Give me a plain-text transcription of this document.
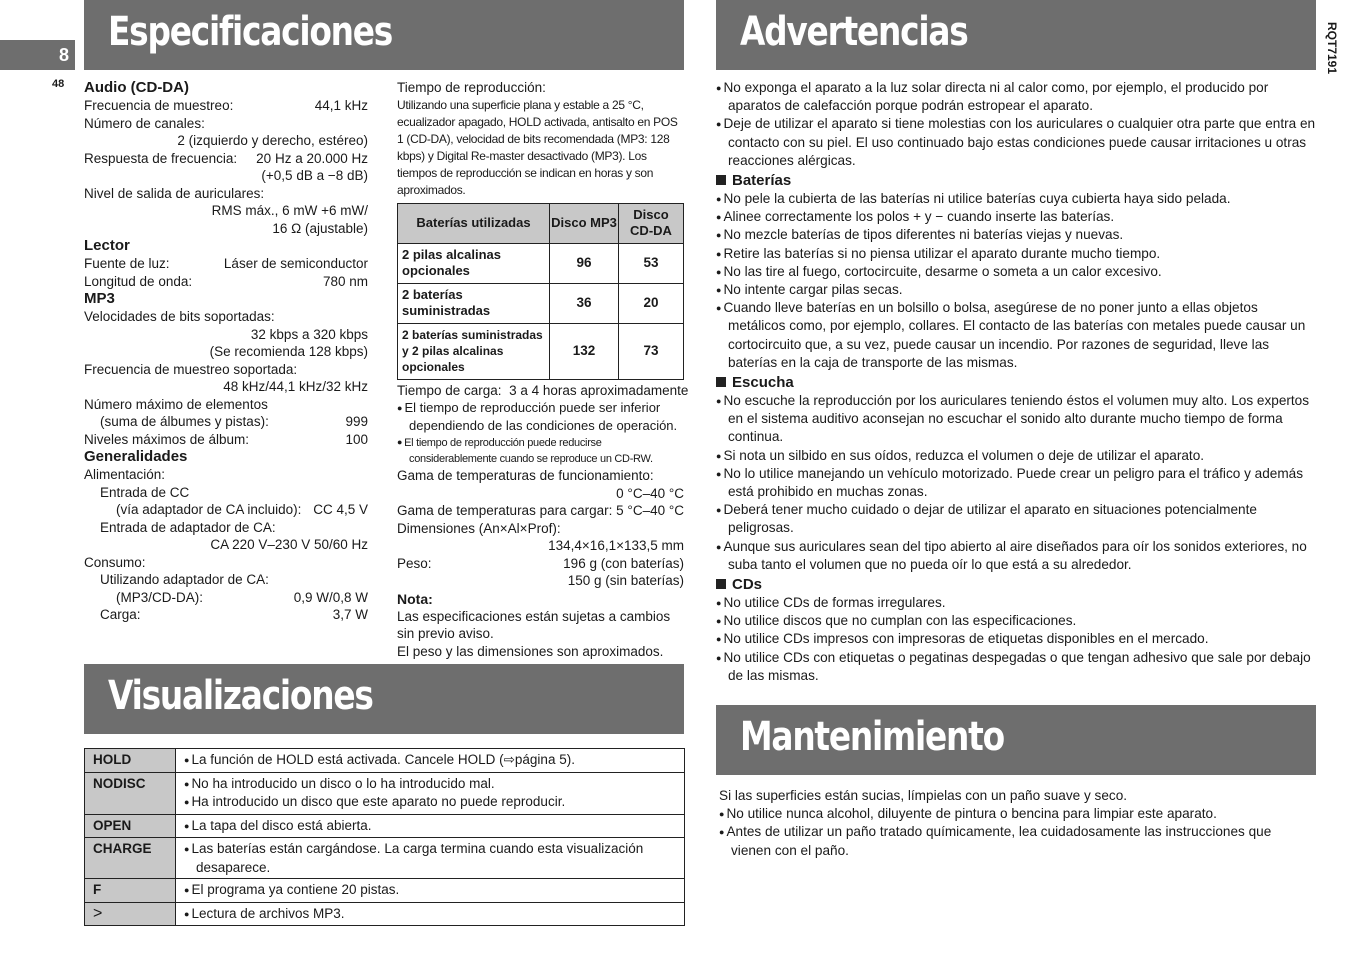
8
48
Especificaciones	Advertencias	RQT7191
Visualizaciones
Mantenimiento
Audio (CD-DA)
Frecuencia de muestreo:	44,1 kHz
Número de canales:
2 (izquierdo y derecho, estéreo)
Respuesta de frecuencia: 20 Hz a 20.000 Hz
(+0,5 dB a −8 dB)
Nivel de salida de auriculares:
RMS máx., 6 mW +6 mW/
16 Ω (ajustable)
Lector
Fuente de luz:	Láser de semiconductor
Longitud de onda:	780 nm
MP3
Velocidades de bits soportadas:
32 kbps a 320 kbps
(Se recomienda 128 kbps)
Frecuencia de muestreo soportada:
48 kHz/44,1 kHz/32 kHz
Número máximo de elementos
(suma de álbumes y pistas):	999
Niveles máximos de álbum:	100
Generalidades
Alimentación:
Entrada de CC
(vía adaptador de CA incluido): CC 4,5 V
Entrada de adaptador de CA:
CA 220 V–230 V 50/60 Hz
Consumo:
Utilizando adaptador de CA:
(MP3/CD-DA):	0,9 W/0,8 W
Carga:	3,7 W
Tiempo de reproducción:
Utilizando una superficie plana y estable a 25 °C, ecualizador apagado, HOLD activada, antisalto en POS 1 (CD-DA), velocidad de bits recomendada (MP3: 128 kbps) y Digital Re-master desactivado (MP3). Los tiempos de reproducción se indican en horas y son aproximados.
Baterías utilizadas	Disco MP3	Disco CD-DA
2 pilas alcalinas opcionales	96	53
2 baterías suministradas	36	20
2 baterías suministradas y 2 pilas alcalinas opcionales	132	73
Tiempo de carga: 3 a 4 horas aproximadamente
● El tiempo de reproducción puede ser inferior dependiendo de las condiciones de operación.
● El tiempo de reproducción puede reducirse considerablemente cuando se reproduce un CD-RW.
Gama de temperaturas de funcionamiento:
0 °C–40 °C
Gama de temperaturas para cargar: 5 °C–40 °C
Dimensiones (An×Al×Prof):
134,4×16,1×133,5 mm
Peso:	196 g (con baterías)
150 g (sin baterías)
Nota:
Las especificaciones están sujetas a cambios sin previo aviso.
El peso y las dimensiones son aproximados.
HOLD	● La función de HOLD está activada. Cancele HOLD (⇨página 5).

NODISC	● No ha introducido un disco o lo ha introducido mal.
● Ha introducido un disco que este aparato no puede reproducir.

OPEN	● La tapa del disco está abierta.

CHARGE	● Las baterías están cargándose. La carga termina cuando esta visualización desaparece.

F	● El programa ya contiene 20 pistas.

>	● Lectura de archivos MP3.
● No exponga el aparato a la luz solar directa ni al calor como, por ejemplo, el producido por aparatos de calefacción porque podrán estropear el aparato.
● Deje de utilizar el aparato si tiene molestias con los auriculares o cualquier otra parte que entra en contacto con su piel. El uso continuado bajo estas condiciones puede causar irritaciones u otras reacciones alérgicas.
Baterías
● No pele la cubierta de las baterías ni utilice baterías cuya cubierta haya sido pelada.
● Alinee correctamente los polos + y − cuando inserte las baterías.
● No mezcle baterías de tipos diferentes ni baterías viejas y nuevas.
● Retire las baterías si no piensa utilizar el aparato durante mucho tiempo.
● No las tire al fuego, cortocircuite, desarme o someta a un calor excesivo.
● No intente cargar pilas secas.
● Cuando lleve baterías en un bolsillo o bolsa, asegúrese de no poner junto a ellas objetos metálicos como, por ejemplo, collares. El contacto de las baterías con metales puede causar un cortocircuito que, a su vez, puede causar un incendio. Por razones de seguridad, lleve las baterías en la caja de transporte de las mismas.
Escucha
● No escuche la reproducción por los auriculares teniendo éstos el volumen muy alto. Los expertos en el sistema auditivo aconsejan no escuchar el sonido alto durante mucho tiempo de forma continua.
● Si nota un silbido en sus oídos, reduzca el volumen o deje de utilizar el aparato.
● No lo utilice manejando un vehículo motorizado. Puede crear un peligro para el tráfico y además está prohibido en muchas zonas.
● Deberá tener mucho cuidado o dejar de utilizar el aparato en situaciones potencialmente peligrosas.
● Aunque sus auriculares sean del tipo abierto al aire diseñados para oír los sonidos exteriores, no suba tanto el volumen que no pueda oír lo que está a su alrededor.
CDs
● No utilice CDs de formas irregulares.
● No utilice discos que no cumplan con las especificaciones.
● No utilice CDs impresos con impresoras de etiquetas disponibles en el mercado.
● No utilice CDs con etiquetas o pegatinas despegadas o que tengan adhesivo que sale por debajo de las mismas.
Si las superficies están sucias, límpielas con un paño suave y seco.
● No utilice nunca alcohol, diluyente de pintura o bencina para limpiar este aparato.
● Antes de utilizar un paño tratado químicamente, lea cuidadosamente las instrucciones que vienen con el paño.
